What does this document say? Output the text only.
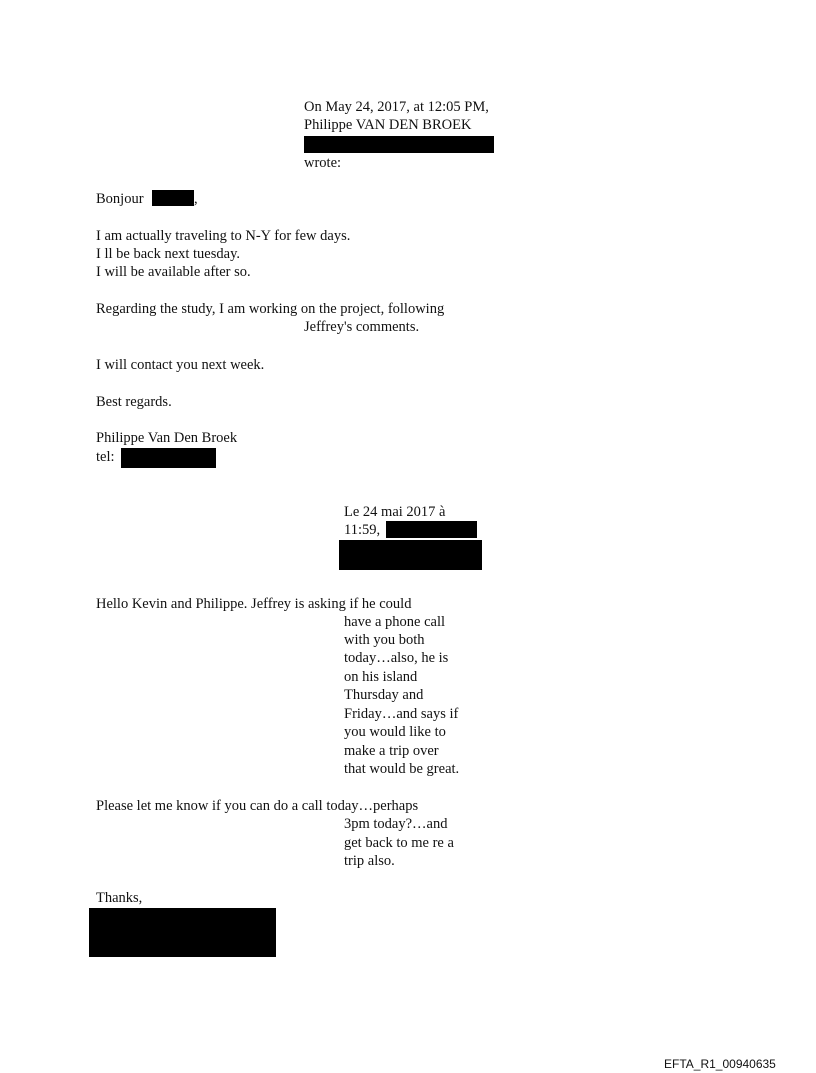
On May 24, 2017, at 12:05 PM,

Philippe VAN DEN BROEK

wrote:

Bonjour	,

I am actually traveling to N-Y for few days.

I ll be back next tuesday.

I will be available after so.

Regarding the study, I am working on the project, following

Jeffrey's comments.

I will contact you next week.

Best regards.

Philippe Van Den Broek

tel:

Le 24 mai 2017 à

11:59,

Hello Kevin and Philippe. Jeffrey is asking if he could

have a phone call

with you both

today…also, he is

on his island

Thursday and

Friday…and says if

you would like to

make a trip over

that would be great.

Please let me know if you can do a call today…perhaps

3pm today?…and

get back to me re a

trip also.

Thanks,

EFTA_R1_00940635
